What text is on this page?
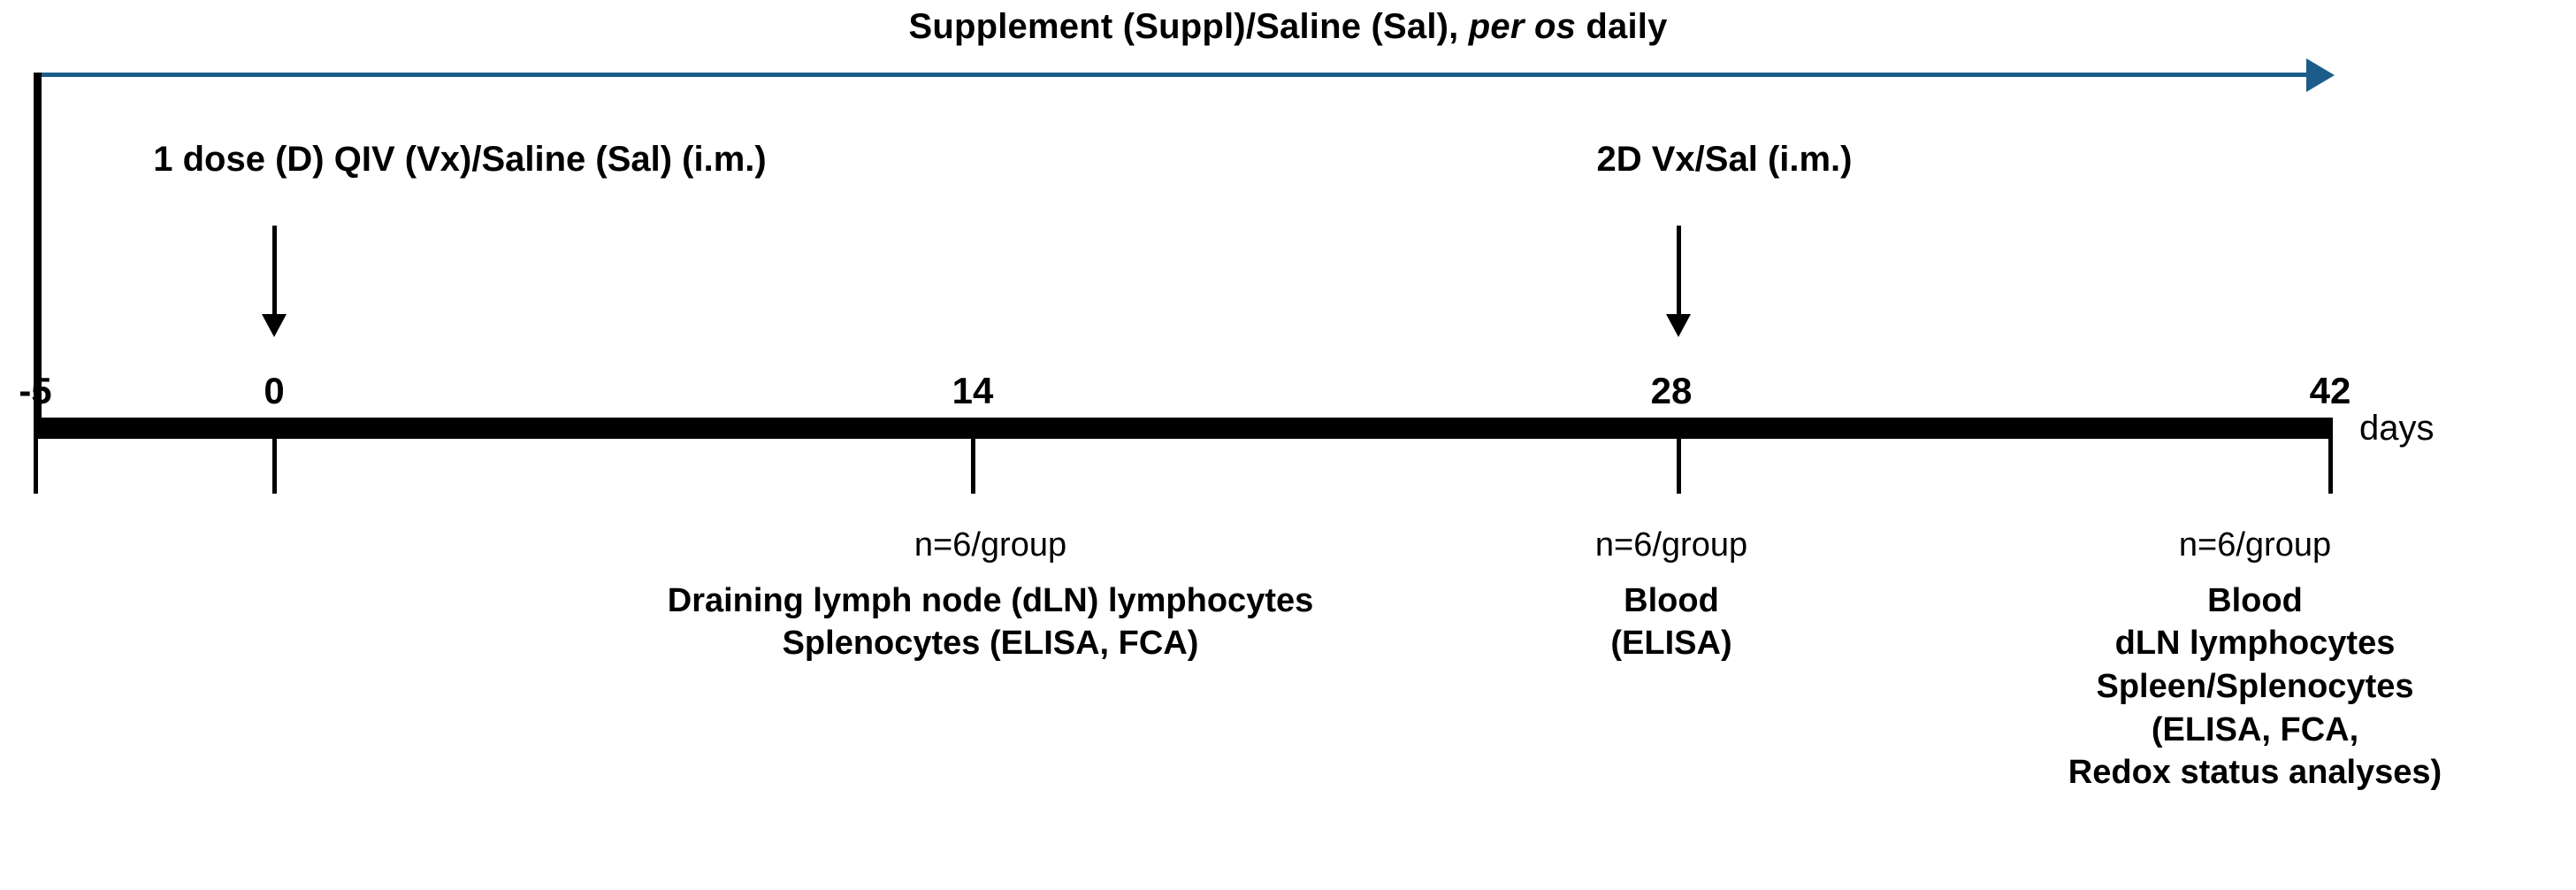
Supplement (Suppl)/Saline (Sal), per os daily
1 dose (D) QIV (Vx)/Saline (Sal) (i.m.)	2D Vx/Sal (i.m.)
-5	0	14	28	42
days
n=6/group
Draining lymph node (dLN) lymphocytes
Splenocytes (ELISA, FCA)
n=6/group
Blood
(ELISA)
n=6/group
Blood
dLN lymphocytes
Spleen/Splenocytes
(ELISA, FCA,
Redox status analyses)
